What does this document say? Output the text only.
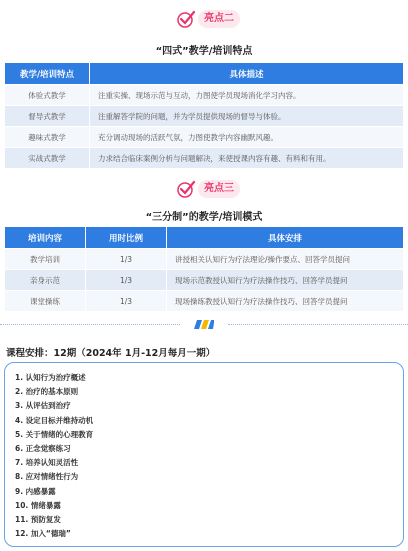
亮点二
“四式”教学/培训特点
教学/培训特点	具体描述
体验式教学	注重实操、现场示范与互动，力图使学员现场消化学习内容。
督导式教学	注重解答学院的问题，并为学员提供现场的督导与体验。
趣味式教学	充分调动现场的活跃气氛，力图使教学内容幽默风趣。
实战式教学	力求结合临床案例分析与问题解决，来使授课内容有趣、有料和有用。
亮点三
“三分制”的教学/培训模式
培训内容	用时比例	具体安排
教学培训	1/3	讲授相关认知行为疗法理论/操作要点、回答学员提问
亲身示范	1/3	现场示范教授认知行为疗法操作技巧、回答学员提问
课堂操练	1/3	现场操练教授认知行为疗法操作技巧、回答学员提问
课程安排：12期（2024年 1月-12月每月一期）
1. 认知行为治疗概述
2. 治疗的基本原则
3. 从评估到治疗
4. 设定目标并维持动机
5. 关于情绪的心理教育
6. 正念觉察练习
7. 培养认知灵活性
8. 应对情绪性行为
9. 内感暴露
10. 情绪暴露
11. 预防复发
12. 加入“德瑞”
